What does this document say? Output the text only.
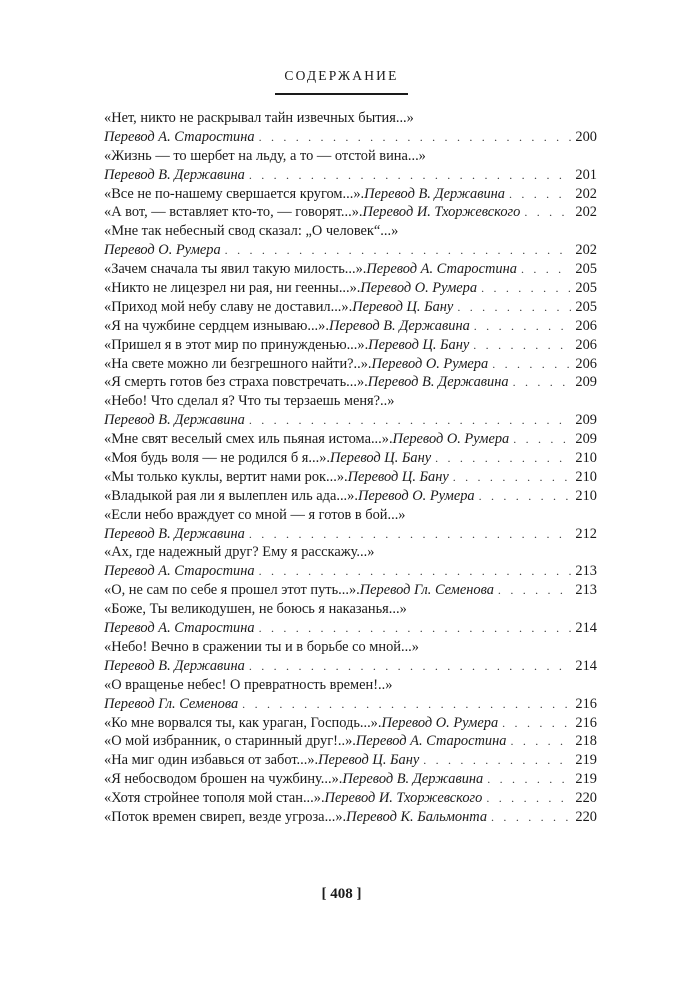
СОДЕРЖАНИЕ
«Нет, никто не раскрывал тайн извечных бытия...»
Перевод А. Старостина . . .	200
«Жизнь — то шербет на льду, а то — отстой вина...»
Перевод В. Державина . . .	201
«Все не по-нашему свершается кругом...». Перевод В. Державина . . .	202
«А вот, — вставляет кто-то, — говорят...». Перевод И. Тхоржевского . . .	202
«Мне так небесный свод сказал: „О человек“...»
Перевод О. Румера . . .	202
«Зачем сначала ты явил такую милость...». Перевод А. Старостина . . .	205
«Никто не лицезрел ни рая, ни геенны...». Перевод О. Румера . . .	205
«Приход мой небу славу не доставил...». Перевод Ц. Бану . . .	205
«Я на чужбине сердцем изнываю...». Перевод В. Державина . . .	206
«Пришел я в этот мир по принужденью...». Перевод Ц. Бану . . .	206
«На свете можно ли безгрешного найти?..». Перевод О. Румера . . .	206
«Я смерть готов без страха повстречать...». Перевод В. Державина . . .	209
«Небо! Что сделал я? Что ты терзаешь меня?..»
Перевод В. Державина . . .	209
«Мне свят веселый смех иль пьяная истома...». Перевод О. Румера . . .	209
«Моя будь воля — не родился б я...». Перевод Ц. Бану . . .	210
«Мы только куклы, вертит нами рок...». Перевод Ц. Бану . . .	210
«Владыкой рая ли я вылеплен иль ада...». Перевод О. Румера . . .	210
«Если небо враждует со мной — я готов в бой...»
Перевод В. Державина . . .	212
«Ах, где надежный друг? Ему я расскажу...»
Перевод А. Старостина . . .	213
«О, не сам по себе я прошел этот путь...». Перевод Гл. Семенова . . .	213
«Боже, Ты великодушен, не боюсь я наказанья...»
Перевод А. Старостина . . .	214
«Небо! Вечно в сражении ты и в борьбе со мной...»
Перевод В. Державина . . .	214
«О вращенье небес! О превратность времен!..»
Перевод Гл. Семенова . . .	216
«Ко мне ворвался ты, как ураган, Господь...». Перевод О. Румера . . .	216
«О мой избранник, о старинный друг!..». Перевод А. Старостина . . .	218
«На миг один избавься от забот...». Перевод Ц. Бану . . .	219
«Я небосводом брошен на чужбину...». Перевод В. Державина . . .	219
«Хотя стройнее тополя мой стан...». Перевод И. Тхоржевского . . .	220
«Поток времен свиреп, везде угроза...». Перевод К. Бальмонта . . .	220
[ 408 ]
